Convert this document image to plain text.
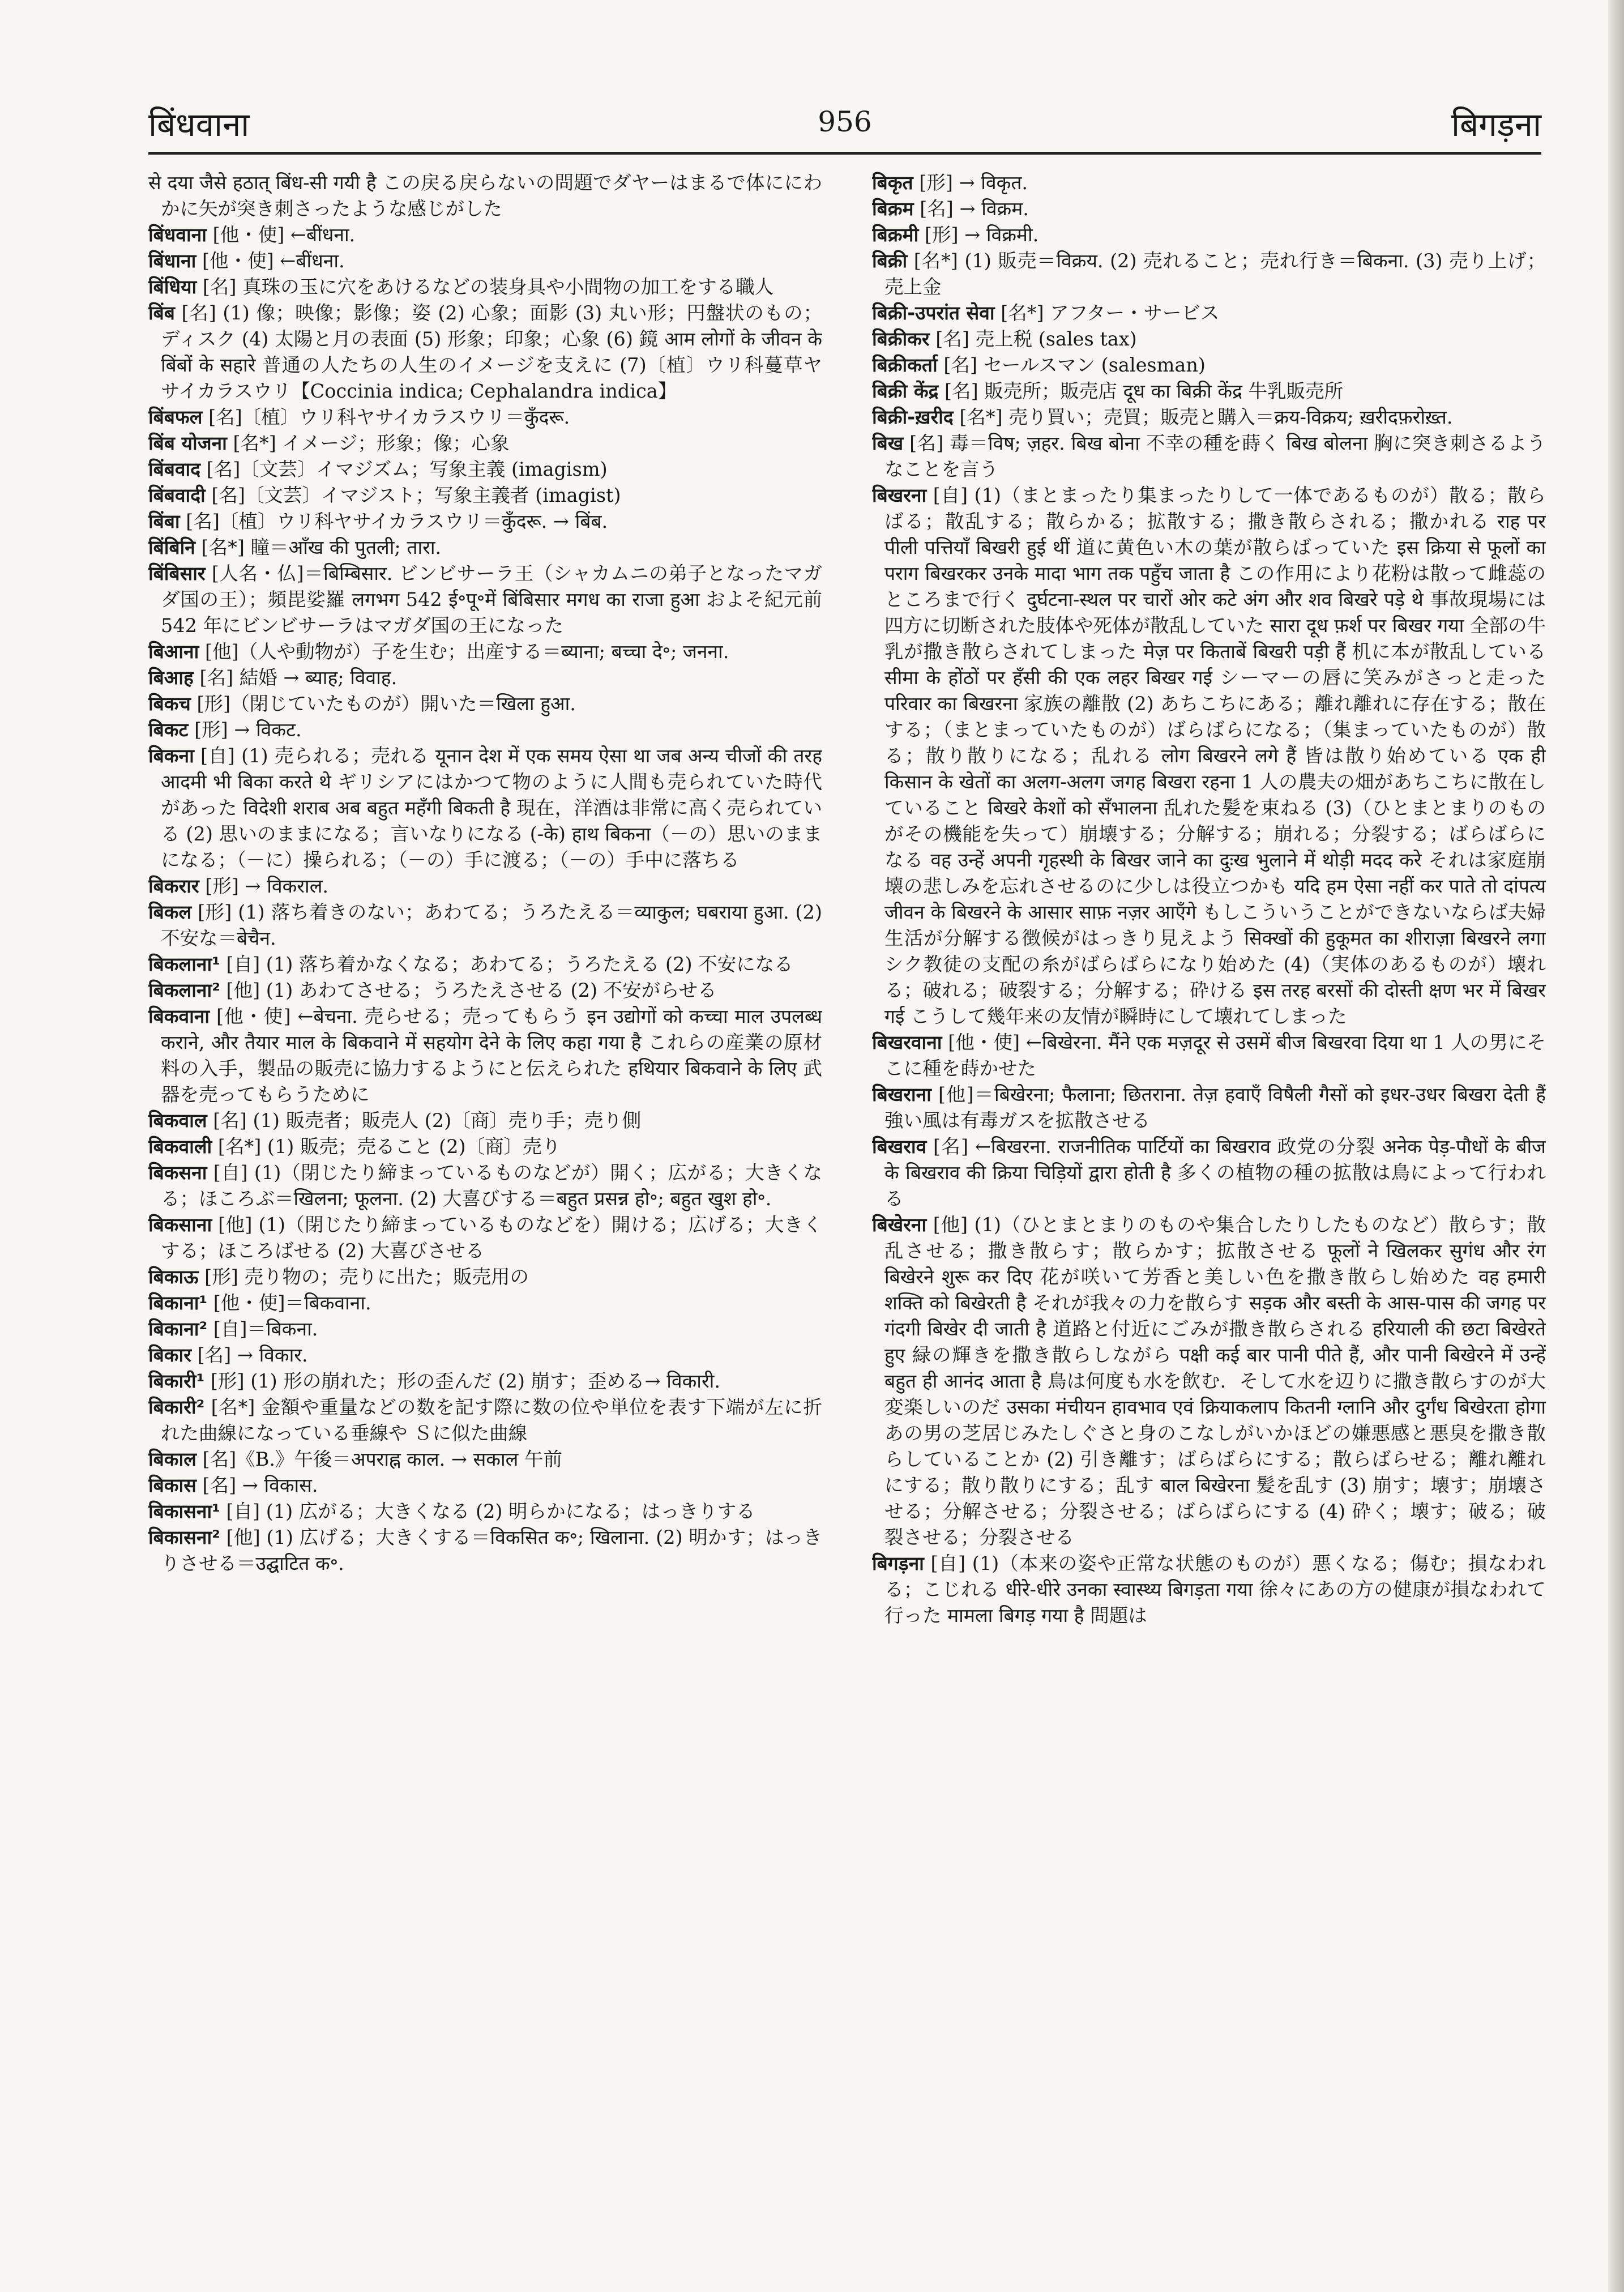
बिंधवाना	956	बिगड़ना

से दया जैसे हठात् बिंध-सी गयी है この戻る戻らないの問題でダヤーはまるで体ににわかに矢が突き刺さったような感じがした

बिंधवाना [他・使] ←बींधना.

बिंधाना [他・使] ←बींधना.

बिंधिया [名] 真珠の玉に穴をあけるなどの装身具や小間物の加工をする職人

बिंब [名] (1) 像；映像；影像；姿 (2) 心象；面影 (3) 丸い形；円盤状のもの；ディスク (4) 太陽と月の表面 (5) 形象；印象；心象 (6) 鏡 आम लोगों के जीवन के बिंबों के सहारे 普通の人たちの人生のイメージを支えに (7)〔植〕ウリ科蔓草ヤサイカラスウリ【Coccinia indica; Cephalandra indica】

बिंबफल [名]〔植〕ウリ科ヤサイカラスウリ＝कुँदरू.

बिंब योजना [名*] イメージ；形象；像；心象

बिंबवाद [名]〔文芸〕イマジズム；写象主義 (imagism)

बिंबवादी [名]〔文芸〕イマジスト；写象主義者 (imagist)

बिंबा [名]〔植〕ウリ科ヤサイカラスウリ＝कुँदरू. → बिंब.

बिंबिनि [名*] 瞳＝आँख की पुतली; तारा.

बिंबिसार [人名・仏]＝बिम्बिसार. ビンビサーラ王（シャカムニの弟子となったマガダ国の王）；頻毘娑羅 लगभग 542 ई॰पू॰में बिंबिसार मगध का राजा हुआ およそ紀元前 542 年にビンビサーラはマガダ国の王になった

बिआना [他]（人や動物が）子を生む；出産する＝ब्याना; बच्चा दे॰; जनना.

बिआह [名] 結婚 → ब्याह; विवाह.

बिकच [形]（閉じていたものが）開いた＝खिला हुआ.

बिकट [形] → विकट.

बिकना [自] (1) 売られる；売れる यूनान देश में एक समय ऐसा था जब अन्य चीजों की तरह आदमी भी बिका करते थे ギリシアにはかつて物のように人間も売られていた時代があった विदेशी शराब अब बहुत महँगी बिकती है 現在，洋酒は非常に高く売られている (2) 思いのままになる；言いなりになる (-के) हाथ बिकना（－の）思いのままになる；（－に）操られる；（－の）手に渡る；（－の）手中に落ちる

बिकरार [形] → विकराल.

बिकल [形] (1) 落ち着きのない；あわてる；うろたえる＝व्याकुल; घबराया हुआ. (2) 不安な＝बेचैन.

बिकलाना¹ [自] (1) 落ち着かなくなる；あわてる；うろたえる (2) 不安になる

बिकलाना² [他] (1) あわてさせる；うろたえさせる (2) 不安がらせる

बिकवाना [他・使] ←बेचना. 売らせる；売ってもらう इन उद्योगों को कच्चा माल उपलब्ध कराने, और तैयार माल के बिकवाने में सहयोग देने के लिए कहा गया है これらの産業の原材料の入手，製品の販売に協力するようにと伝えられた हथियार बिकवाने के लिए 武器を売ってもらうために

बिकवाल [名] (1) 販売者；販売人 (2)〔商〕売り手；売り側

बिकवाली [名*] (1) 販売；売ること (2)〔商〕売り

बिकसना [自] (1)（閉じたり締まっているものなどが）開く；広がる；大きくなる；ほころぶ＝खिलना; फूलना. (2) 大喜びする＝बहुत प्रसन्न हो॰; बहुत खुश हो॰.

बिकसाना [他] (1)（閉じたり締まっているものなどを）開ける；広げる；大きくする；ほころばせる (2) 大喜びさせる

बिकाऊ [形] 売り物の；売りに出た；販売用の

बिकाना¹ [他・使]＝बिकवाना.

बिकाना² [自]＝बिकना.

बिकार [名] → विकार.

बिकारी¹ [形] (1) 形の崩れた；形の歪んだ (2) 崩す；歪める→ विकारी.

बिकारी² [名*] 金額や重量などの数を記す際に数の位や単位を表す下端が左に折れた曲線になっている垂線や Ｓに似た曲線

बिकाल [名]《B.》午後＝अपराह्न काल. → सकाल 午前

बिकास [名] → विकास.

बिकासना¹ [自] (1) 広がる；大きくなる (2) 明らかになる；はっきりする

बिकासना² [他] (1) 広げる；大きくする＝विकसित क॰; खिलाना. (2) 明かす；はっきりさせる＝उद्घाटित क॰.

बिकृत [形] → विकृत.

बिक्रम [名] → विक्रम.

बिक्रमी [形] → विक्रमी.

बिक्री [名*] (1) 販売＝विक्रय. (2) 売れること；売れ行き＝बिकना. (3) 売り上げ；売上金

बिक्री-उपरांत सेवा [名*] アフター・サービス

बिक्रीकर [名] 売上税 (sales tax)

बिक्रीकर्ता [名] セールスマン (salesman)

बिक्री केंद्र [名] 販売所；販売店 दूध का बिक्री केंद्र 牛乳販売所

बिक्री-ख़रीद [名*] 売り買い；売買；販売と購入＝क्रय-विक्रय; ख़रीदफ़रोख़्त.

बिख [名] 毒＝विष; ज़हर. बिख बोना 不幸の種を蒔く बिख बोलना 胸に突き刺さるようなことを言う

बिखरना [自] (1)（まとまったり集まったりして一体であるものが）散る；散らばる；散乱する；散らかる；拡散する；撒き散らされる；撒かれる राह पर पीली पत्तियाँ बिखरी हुई थीं 道に黄色い木の葉が散らばっていた इस क्रिया से फूलों का पराग बिखरकर उनके मादा भाग तक पहुँच जाता है この作用により花粉は散って雌蕊のところまで行く दुर्घटना-स्थल पर चारों ओर कटे अंग और शव बिखरे पड़े थे 事故現場には四方に切断された肢体や死体が散乱していた सारा दूध फ़र्श पर बिखर गया 全部の牛乳が撒き散らされてしまった मेज़ पर किताबें बिखरी पड़ी हैं 机に本が散乱している सीमा के होंठों पर हँसी की एक लहर बिखर गई シーマーの唇に笑みがさっと走った परिवार का बिखरना 家族の離散 (2) あちこちにある；離れ離れに存在する；散在する；（まとまっていたものが）ばらばらになる；（集まっていたものが）散る；散り散りになる；乱れる लोग बिखरने लगे हैं 皆は散り始めている एक ही किसान के खेतों का अलग-अलग जगह बिखरा रहना 1 人の農夫の畑があちこちに散在していること बिखरे केशों को सँभालना 乱れた髪を束ねる (3)（ひとまとまりのものがその機能を失って）崩壊する；分解する；崩れる；分裂する；ばらばらになる वह उन्हें अपनी गृहस्थी के बिखर जाने का दुःख भुलाने में थोड़ी मदद करे それは家庭崩壊の悲しみを忘れさせるのに少しは役立つかも यदि हम ऐसा नहीं कर पाते तो दांपत्य जीवन के बिखरने के आसार साफ़ नज़र आएँगे もしこういうことができないならば夫婦生活が分解する徴候がはっきり見えよう सिक्खों की हुकूमत का शीराज़ा बिखरने लगा シク教徒の支配の糸がばらばらになり始めた (4)（実体のあるものが）壊れる；破れる；破裂する；分解する；砕ける इस तरह बरसों की दोस्ती क्षण भर में बिखर गई こうして幾年来の友情が瞬時にして壊れてしまった

बिखरवाना [他・使] ←बिखेरना. मैंने एक मज़दूर से उसमें बीज बिखरवा दिया था 1 人の男にそこに種を蒔かせた

बिखराना [他]＝बिखेरना; फैलाना; छितराना. तेज़ हवाएँ विषैली गैसों को इधर-उधर बिखरा देती हैं 強い風は有毒ガスを拡散させる

बिखराव [名] ←बिखरना. राजनीतिक पार्टियों का बिखराव 政党の分裂 अनेक पेड़-पौधों के बीज के बिखराव की क्रिया चिड़ियों द्वारा होती है 多くの植物の種の拡散は鳥によって行われる

बिखेरना [他] (1)（ひとまとまりのものや集合したりしたものなど）散らす；散乱させる；撒き散らす；散らかす；拡散させる फूलों ने खिलकर सुगंध और रंग बिखेरने शुरू कर दिए 花が咲いて芳香と美しい色を撒き散らし始めた वह हमारी शक्ति को बिखेरती है それが我々の力を散らす सड़क और बस्ती के आस-पास की जगह पर गंदगी बिखेर दी जाती है 道路と付近にごみが撒き散らされる हरियाली की छटा बिखेरते हुए 緑の輝きを撒き散らしながら पक्षी कई बार पानी पीते हैं, और पानी बिखेरने में उन्हें बहुत ही आनंद आता है 鳥は何度も水を飲む．そして水を辺りに撒き散らすのが大変楽しいのだ उसका मंचीयन हावभाव एवं क्रियाकलाप कितनी ग्लानि और दुर्गंध बिखेरता होगा あの男の芝居じみたしぐさと身のこなしがいかほどの嫌悪感と悪臭を撒き散らしていることか (2) 引き離す；ばらばらにする；散らばらせる；離れ離れにする；散り散りにする；乱す बाल बिखेरना 髪を乱す (3) 崩す；壊す；崩壊させる；分解させる；分裂させる；ばらばらにする (4) 砕く；壊す；破る；破裂させる；分裂させる

बिगड़ना [自] (1)（本来の姿や正常な状態のものが）悪くなる；傷む；損なわれる；こじれる धीरे-धीरे उनका स्वास्थ्य बिगड़ता गया 徐々にあの方の健康が損なわれて行った मामला बिगड़ गया है 問題は
